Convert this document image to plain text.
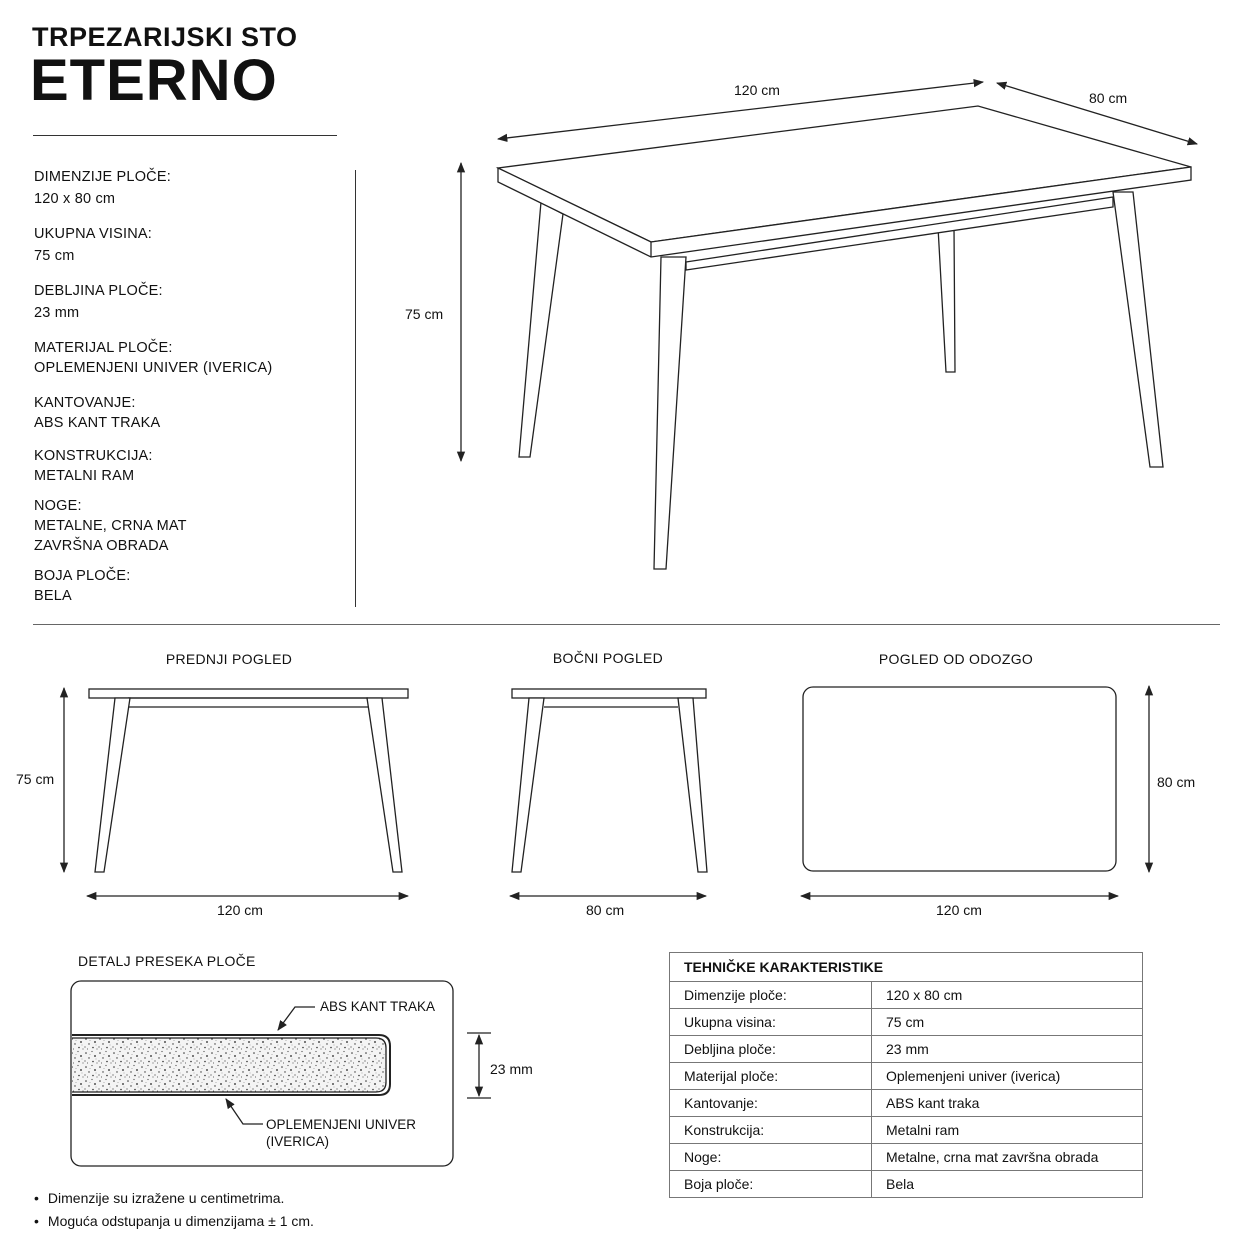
TRPEZARIJSKI STO
ETERNO
DIMENZIJE PLOČE:
120 x 80 cm
UKUPNA VISINA:
75 cm
DEBLJINA PLOČE:
23 mm
MATERIJAL PLOČE:
OPLEMENJENI UNIVER (IVERICA)
KANTOVANJE:
ABS KANT TRAKA
KONSTRUKCIJA:
METALNI RAM
NOGE:
METALNE, CRNA MAT
ZAVRŠNA OBRADA
BOJA PLOČE:
BELA
120 cm	80 cm
75 cm
PREDNJI POGLED	BOČNI POGLED	POGLED OD ODOZGO
75 cm
120 cm	80 cm
80 cm
120 cm
DETALJ PRESEKA PLOČE
ABS KANT TRAKA
OPLEMENJENI UNIVER
(IVERICA)
23 mm
TEHNIČKE KARAKTERISTIKE	
Dimenzije ploče:	120 x 80 cm
Ukupna visina:	75 cm
Debljina ploče:	23 mm
Materijal ploče:	Oplemenjeni univer (iverica)
Kantovanje:	ABS kant traka
Konstrukcija:	Metalni ram
Noge:	Metalne, crna mat završna obrada
Boja ploče:	Bela
• Dimenzije su izražene u centimetrima.
• Moguća odstupanja u dimenzijama ± 1 cm.
